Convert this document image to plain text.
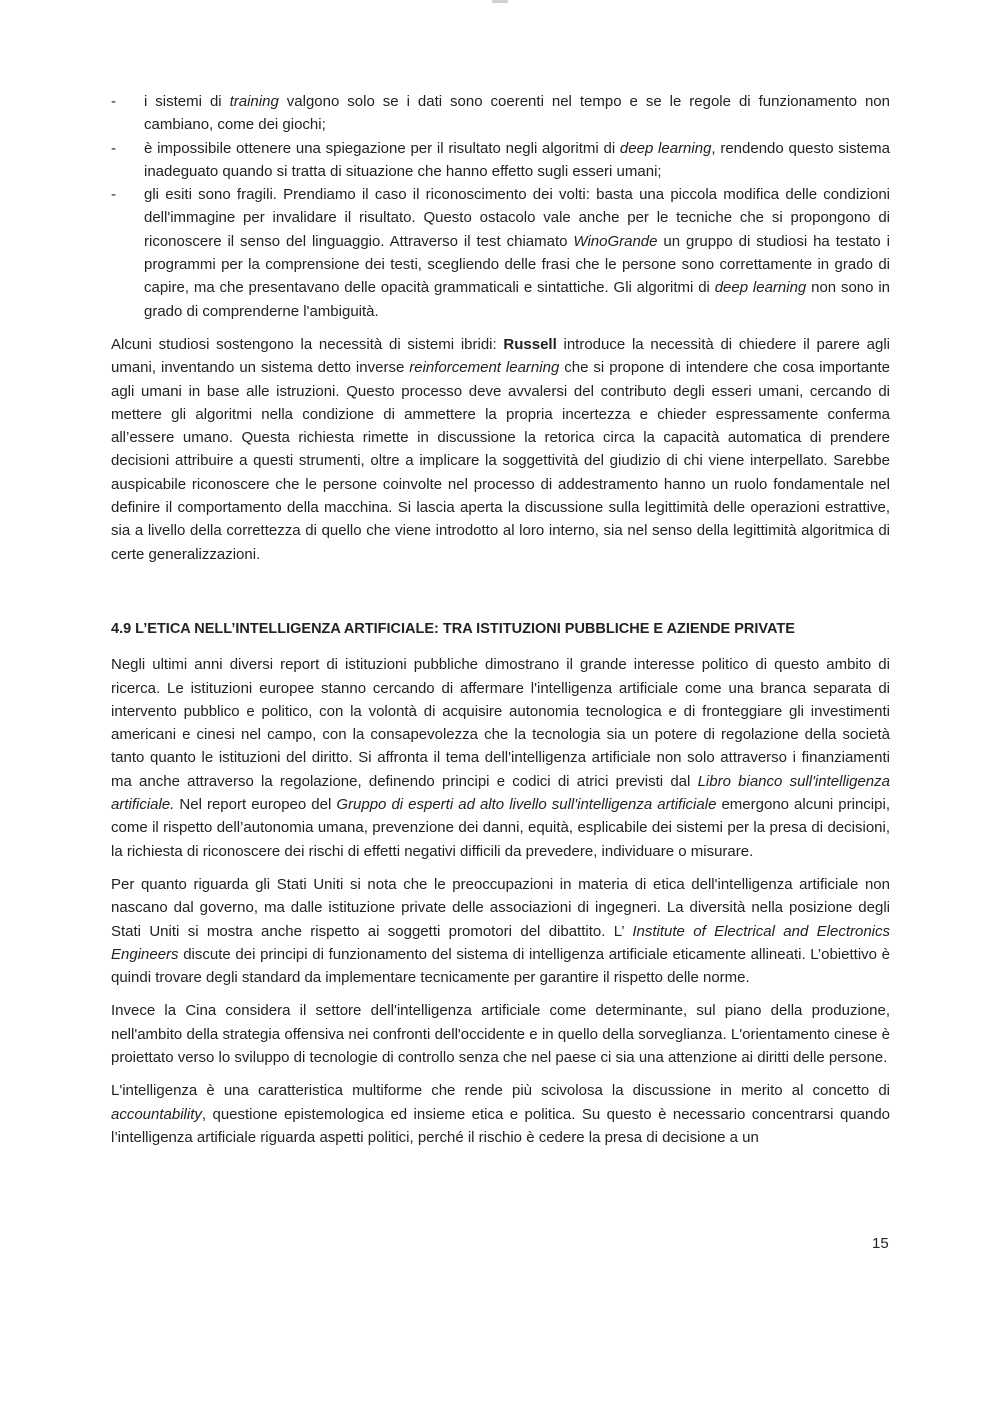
- i sistemi di training valgono solo se i dati sono coerenti nel tempo e se le regole di funzionamento non cambiano, come dei giochi;
- è impossibile ottenere una spiegazione per il risultato negli algoritmi di deep learning, rendendo questo sistema inadeguato quando si tratta di situazione che hanno effetto sugli esseri umani;
- gli esiti sono fragili. Prendiamo il caso il riconoscimento dei volti: basta una piccola modifica delle condizioni dell'immagine per invalidare il risultato. Questo ostacolo vale anche per le tecniche che si propongono di riconoscere il senso del linguaggio. Attraverso il test chiamato WinoGrande un gruppo di studiosi ha testato i programmi per la comprensione dei testi, scegliendo delle frasi che le persone sono correttamente in grado di capire, ma che presentavano delle opacità grammaticali e sintattiche. Gli algoritmi di deep learning non sono in grado di comprenderne l'ambiguità.

Alcuni studiosi sostengono la necessità di sistemi ibridi: Russell introduce la necessità di chiedere il parere agli umani, inventando un sistema detto inverse reinforcement learning che si propone di intendere che cosa importante agli umani in base alle istruzioni. Questo processo deve avvalersi del contributo degli esseri umani, cercando di mettere gli algoritmi nella condizione di ammettere la propria incertezza e chieder espressamente conferma all’essere umano. Questa richiesta rimette in discussione la retorica circa la capacità automatica di prendere decisioni attribuire a questi strumenti, oltre a implicare la soggettività del giudizio di chi viene interpellato. Sarebbe auspicabile riconoscere che le persone coinvolte nel processo di addestramento hanno un ruolo fondamentale nel definire il comportamento della macchina. Si lascia aperta la discussione sulla legittimità delle operazioni estrattive, sia a livello della correttezza di quello che viene introdotto al loro interno, sia nel senso della legittimità algoritmica di certe generalizzazioni.

4.9 L’ETICA NELL’INTELLIGENZA ARTIFICIALE: TRA ISTITUZIONI PUBBLICHE E AZIENDE PRIVATE

Negli ultimi anni diversi report di istituzioni pubbliche dimostrano il grande interesse politico di questo ambito di ricerca. Le istituzioni europee stanno cercando di affermare l'intelligenza artificiale come una branca separata di intervento pubblico e politico, con la volontà di acquisire autonomia tecnologica e di fronteggiare gli investimenti americani e cinesi nel campo, con la consapevolezza che la tecnologia sia un potere di regolazione della società tanto quanto le istituzioni del diritto. Si affronta il tema dell'intelligenza artificiale non solo attraverso i finanziamenti ma anche attraverso la regolazione, definendo principi e codici di atrici previsti dal Libro bianco sull'intelligenza artificiale. Nel report europeo del Gruppo di esperti ad alto livello sull'intelligenza artificiale emergono alcuni principi, come il rispetto dell’autonomia umana, prevenzione dei danni, equità, esplicabile dei sistemi per la presa di decisioni, la richiesta di riconoscere dei rischi di effetti negativi difficili da prevedere, individuare o misurare.

Per quanto riguarda gli Stati Uniti si nota che le preoccupazioni in materia di etica dell'intelligenza artificiale non nascano dal governo, ma dalle istituzione private delle associazioni di ingegneri. La diversità nella posizione degli Stati Uniti si mostra anche rispetto ai soggetti promotori del dibattito. L’ Institute of Electrical and Electronics Engineers discute dei principi di funzionamento del sistema di intelligenza artificiale eticamente allineati. L’obiettivo è quindi trovare degli standard da implementare tecnicamente per garantire il rispetto delle norme.

Invece la Cina considera il settore dell'intelligenza artificiale come determinante, sul piano della produzione, nell'ambito della strategia offensiva nei confronti dell'occidente e in quello della sorveglianza. L'orientamento cinese è proiettato verso lo sviluppo di tecnologie di controllo senza che nel paese ci sia una attenzione ai diritti delle persone.

L'intelligenza è una caratteristica multiforme che rende più scivolosa la discussione in merito al concetto di accountability, questione epistemologica ed insieme etica e politica. Su questo è necessario concentrarsi quando l’intelligenza artificiale riguarda aspetti politici, perché il rischio è cedere la presa di decisione a un

15
